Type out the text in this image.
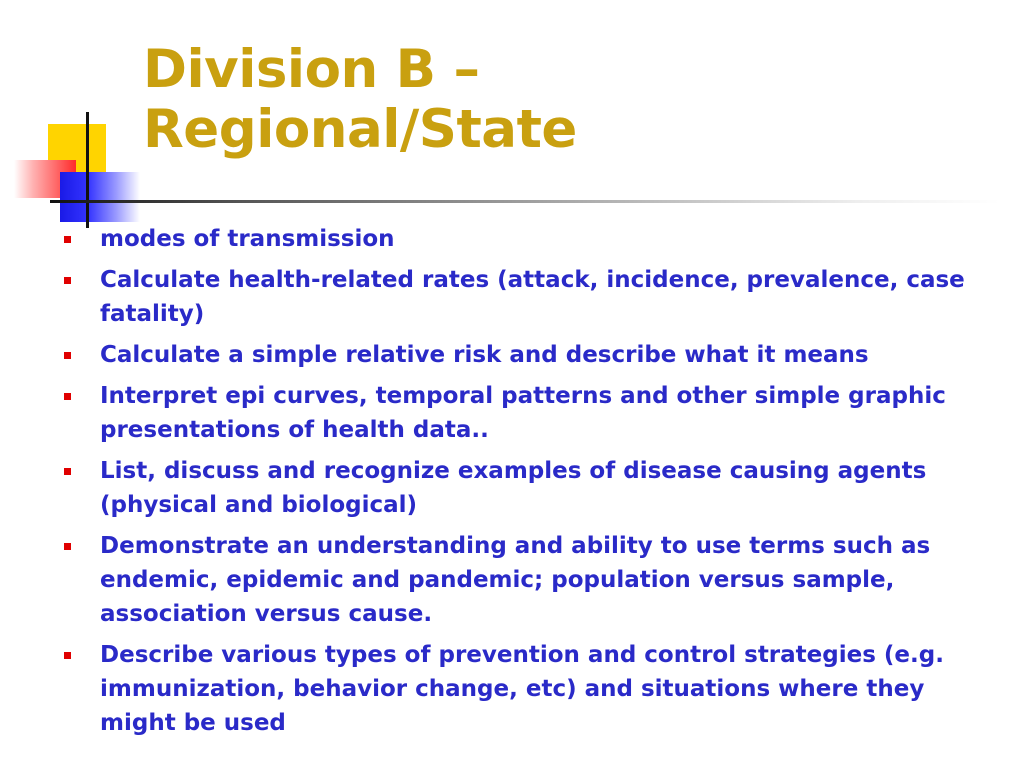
Division B –
Regional/State
modes of transmission
Calculate health-related rates (attack, incidence, prevalence, case fatality)
Calculate a simple relative risk and describe what it means
Interpret epi curves, temporal patterns and other simple graphic presentations of health data..
List, discuss and recognize examples of disease causing agents (physical and biological)
Demonstrate an understanding and ability to use terms such as endemic, epidemic and pandemic; population versus sample, association versus cause.
Describe various types of prevention and control strategies (e.g. immunization, behavior change, etc) and situations where they might be used
